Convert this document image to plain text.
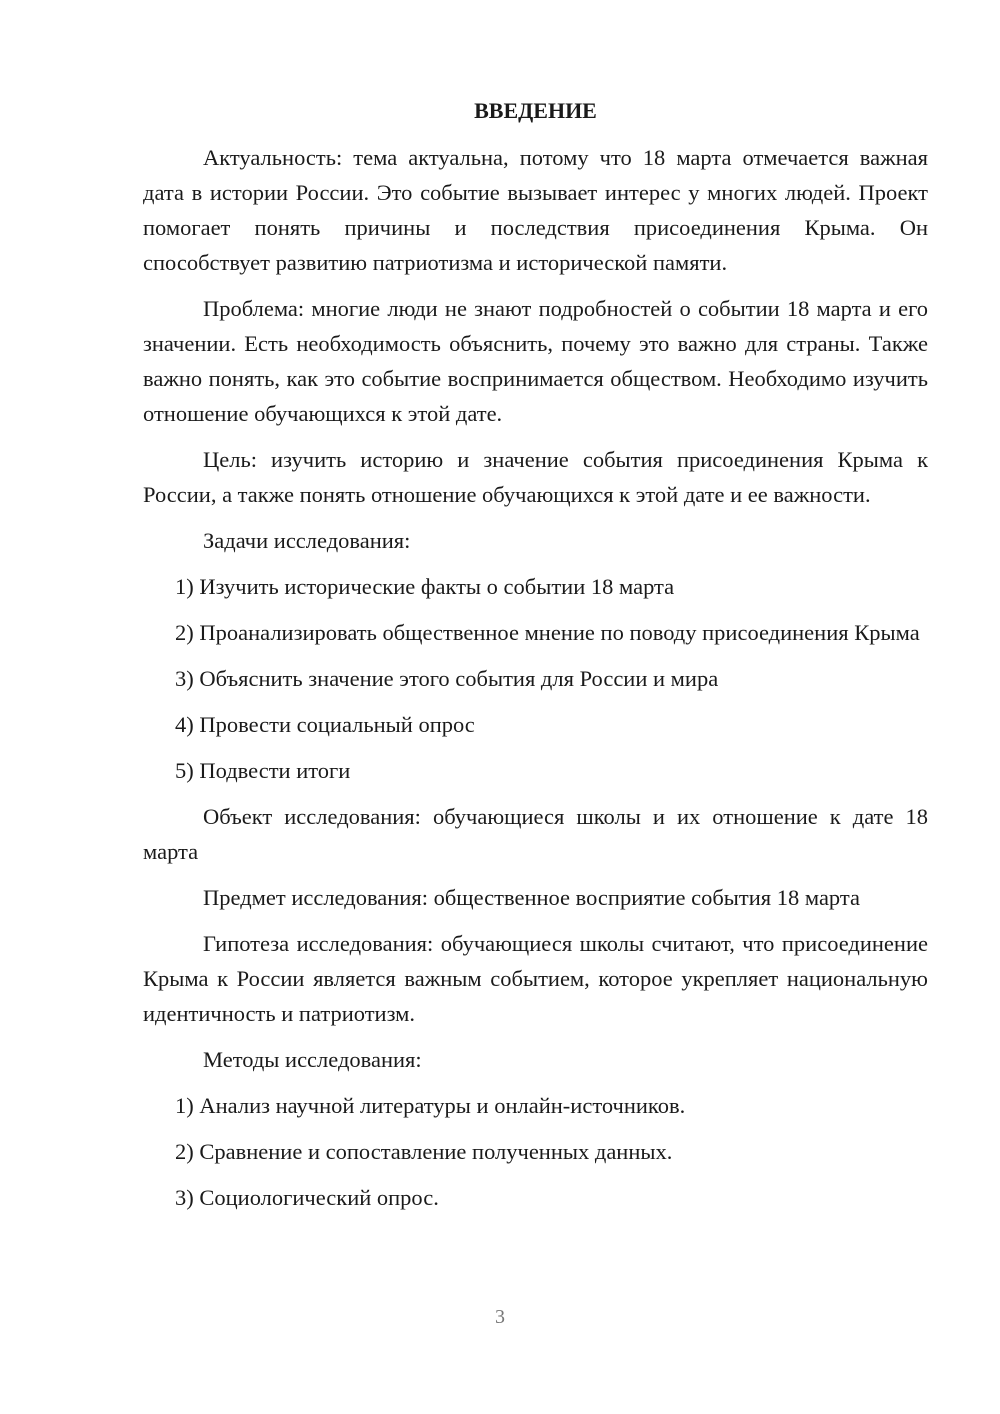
ВВЕДЕНИЕ

Актуальность: тема актуальна, потому что 18 марта отмечается важная дата в истории России. Это событие вызывает интерес у многих людей. Проект помогает понять причины и последствия присоединения Крыма. Он способствует развитию патриотизма и исторической памяти.

Проблема: многие люди не знают подробностей о событии 18 марта и его значении. Есть необходимость объяснить, почему это важно для страны. Также важно понять, как это событие воспринимается обществом. Необходимо изучить отношение обучающихся к этой дате.

Цель: изучить историю и значение события присоединения Крыма к России, а также понять отношение обучающихся к этой дате и ее важности.

Задачи исследования:

1) Изучить исторические факты о событии 18 марта

2) Проанализировать общественное мнение по поводу присоединения Крыма

3) Объяснить значение этого события для России и мира

4) Провести социальный опрос

5) Подвести итоги

Объект исследования: обучающиеся школы и их отношение к дате 18 марта

Предмет исследования: общественное восприятие события 18 марта

Гипотеза исследования: обучающиеся школы считают, что присоединение Крыма к России является важным событием, которое укрепляет национальную идентичность и патриотизм.

Методы исследования:

1) Анализ научной литературы и онлайн-источников.

2) Сравнение и сопоставление полученных данных.

3) Социологический опрос.

3
